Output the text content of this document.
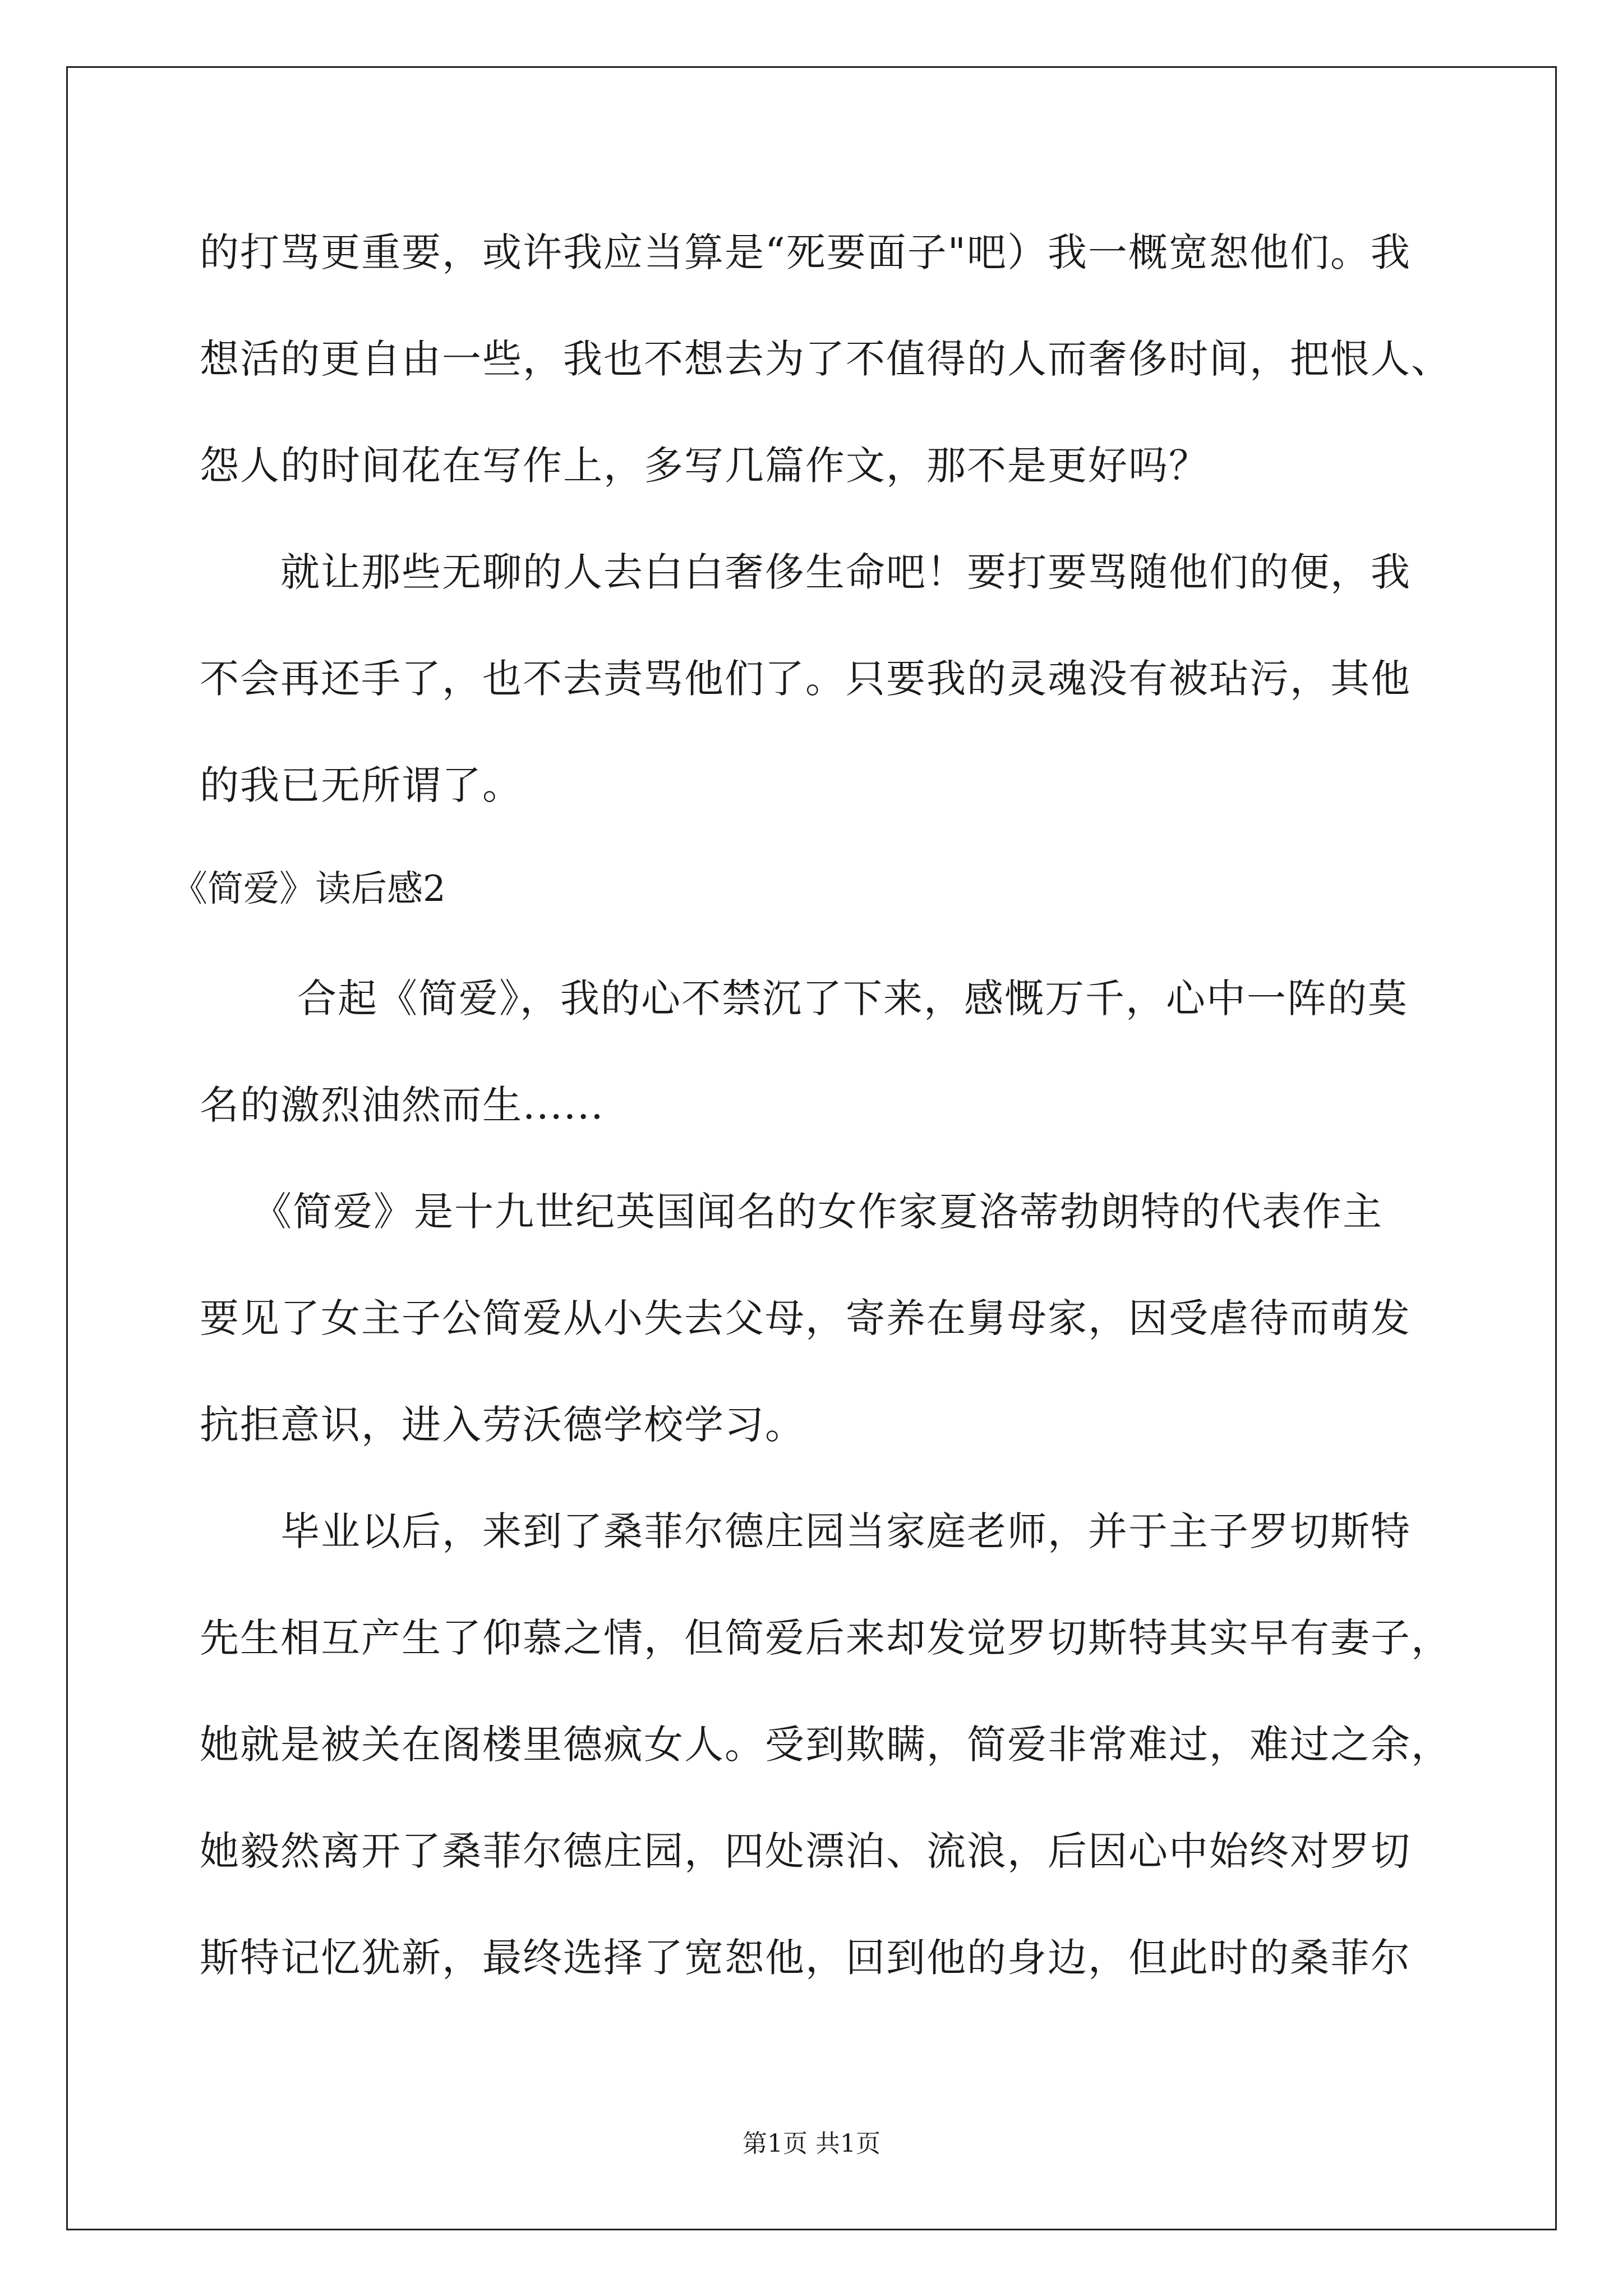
的打骂更重要，或许我应当算是“死要面子"吧）我一概宽恕他们。我
想活的更自由一些，我也不想去为了不值得的人而奢侈时间，把恨人、
怨人的时间花在写作上，多写几篇作文，那不是更好吗？
就让那些无聊的人去白白奢侈生命吧！要打要骂随他们的便，我
不会再还手了，也不去责骂他们了。只要我的灵魂没有被玷污，其他
的我已无所谓了。
《简爱》读后感2
合起《简爱》，我的心不禁沉了下来，感慨万千，心中一阵的莫
名的激烈油然而生......
《简爱》是十九世纪英国闻名的女作家夏洛蒂勃朗特的代表作主
要见了女主子公简爱从小失去父母，寄养在舅母家，因受虐待而萌发
抗拒意识，进入劳沃德学校学习。
毕业以后，来到了桑菲尔德庄园当家庭老师，并于主子罗切斯特
先生相互产生了仰慕之情，但简爱后来却发觉罗切斯特其实早有妻子，
她就是被关在阁楼里德疯女人。受到欺瞒，简爱非常难过，难过之余，
她毅然离开了桑菲尔德庄园，四处漂泊、流浪，后因心中始终对罗切
斯特记忆犹新，最终选择了宽恕他，回到他的身边，但此时的桑菲尔
第1页 共1页
